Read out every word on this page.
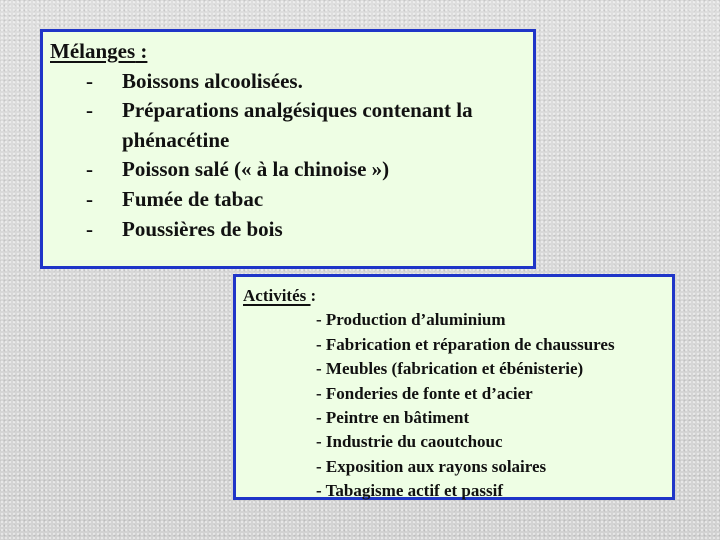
Mélanges :
-	Boissons alcoolisées.
-	Préparations analgésiques contenant la phénacétine
-	Poisson salé (« à la chinoise »)
-	Fumée de tabac
-	Poussières de bois
Activités :
- Production d’aluminium
- Fabrication et réparation de chaussures
- Meubles (fabrication et ébénisterie)
- Fonderies de fonte et d’acier
- Peintre en bâtiment
- Industrie du caoutchouc
- Exposition aux rayons solaires
- Tabagisme actif et passif
